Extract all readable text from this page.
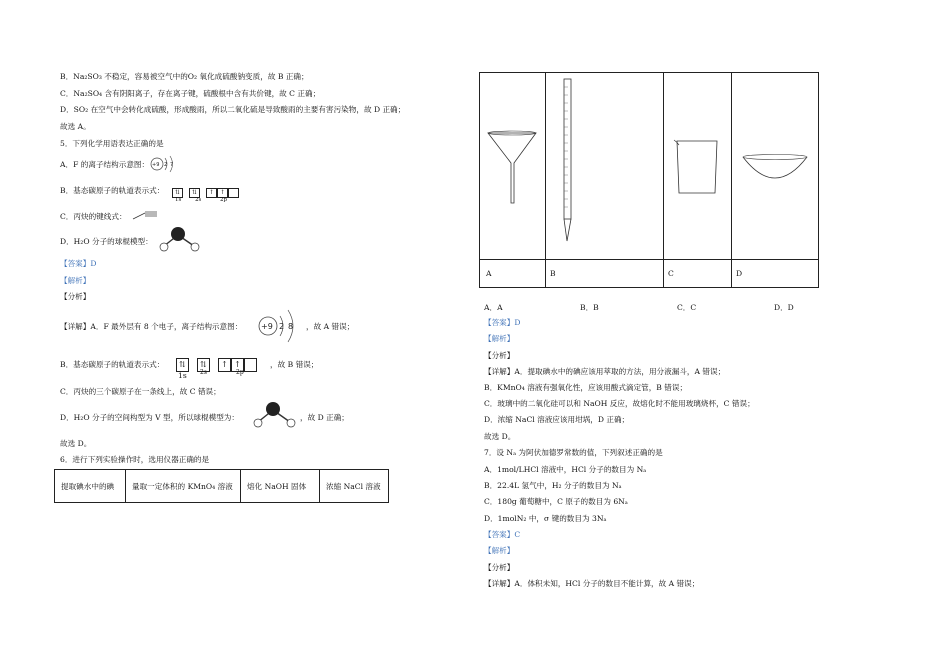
B．Na₂SO₃ 不稳定，容易被空气中的O₂ 氧化成硫酸钠变质，故 B 正确；
C．Na₂SO₄ 含有阴阳离子，存在离子键，硫酸根中含有共价键，故 C 正确；
D．SO₂ 在空气中会转化成硫酸，形成酸雨，所以二氧化硫是导致酸雨的主要有害污染物，故 D 正确；
故选 A。
5．下列化学用语表达正确的是
A．F 的离子结构示意图： +9 2 7
B．基态碳原子的轨道表示式：	⇅ ⇅ ↑ ↑
1s 2s	2p
C．丙炔的键线式：
D．H₂O 分子的球棍模型：
【答案】D
【解析】
【分析】
【详解】A．F 最外层有 8 个电子，离子结构示意图： +9 2 8 ，故 A 错误；
B．基态碳原子的轨道表示式：	⇅ ⇅ ↑ ↑
1s 2s	2p
，故 B 错误；
C．丙炔的三个碳原子在一条线上，故 C 错误；
D．H₂O 分子的空间构型为 V 型，所以球棍模型为：	，故 D 正确；
故选 D。
6．进行下列实验操作时，选用仪器正确的是
提取碘水中的碘	量取一定体积的 KMnO₄ 溶液	熔化 NaOH 固体	浓缩 NaCl 溶液
A	B	C	D
A．A	B．B	C．C	D．D
【答案】D
【解析】
【分析】
【详解】A．提取碘水中的碘应该用萃取的方法，用分液漏斗，A 错误；
B．KMnO₄ 溶液有强氧化性，应该用酸式滴定管，B 错误；
C．玻璃中的二氧化硅可以和 NaOH 反应，故熔化时不能用玻璃烧杯，C 错误；
D．浓缩 NaCl 溶液应该用坩埚，D 正确；
故选 D。
7．设 Nₐ 为阿伏加德罗常数的值，下列叙述正确的是
A．1mol/LHCl 溶液中，HCl 分子的数目为 Nₐ
B．22.4L 氢气中，H₂ 分子的数目为 Nₐ
C．180g 葡萄糖中，C 原子的数目为 6Nₐ
D．1molN₂ 中，σ 键的数目为 3Nₐ
【答案】C
【解析】
【分析】
【详解】A．体积未知，HCl 分子的数目不能计算，故 A 错误；
